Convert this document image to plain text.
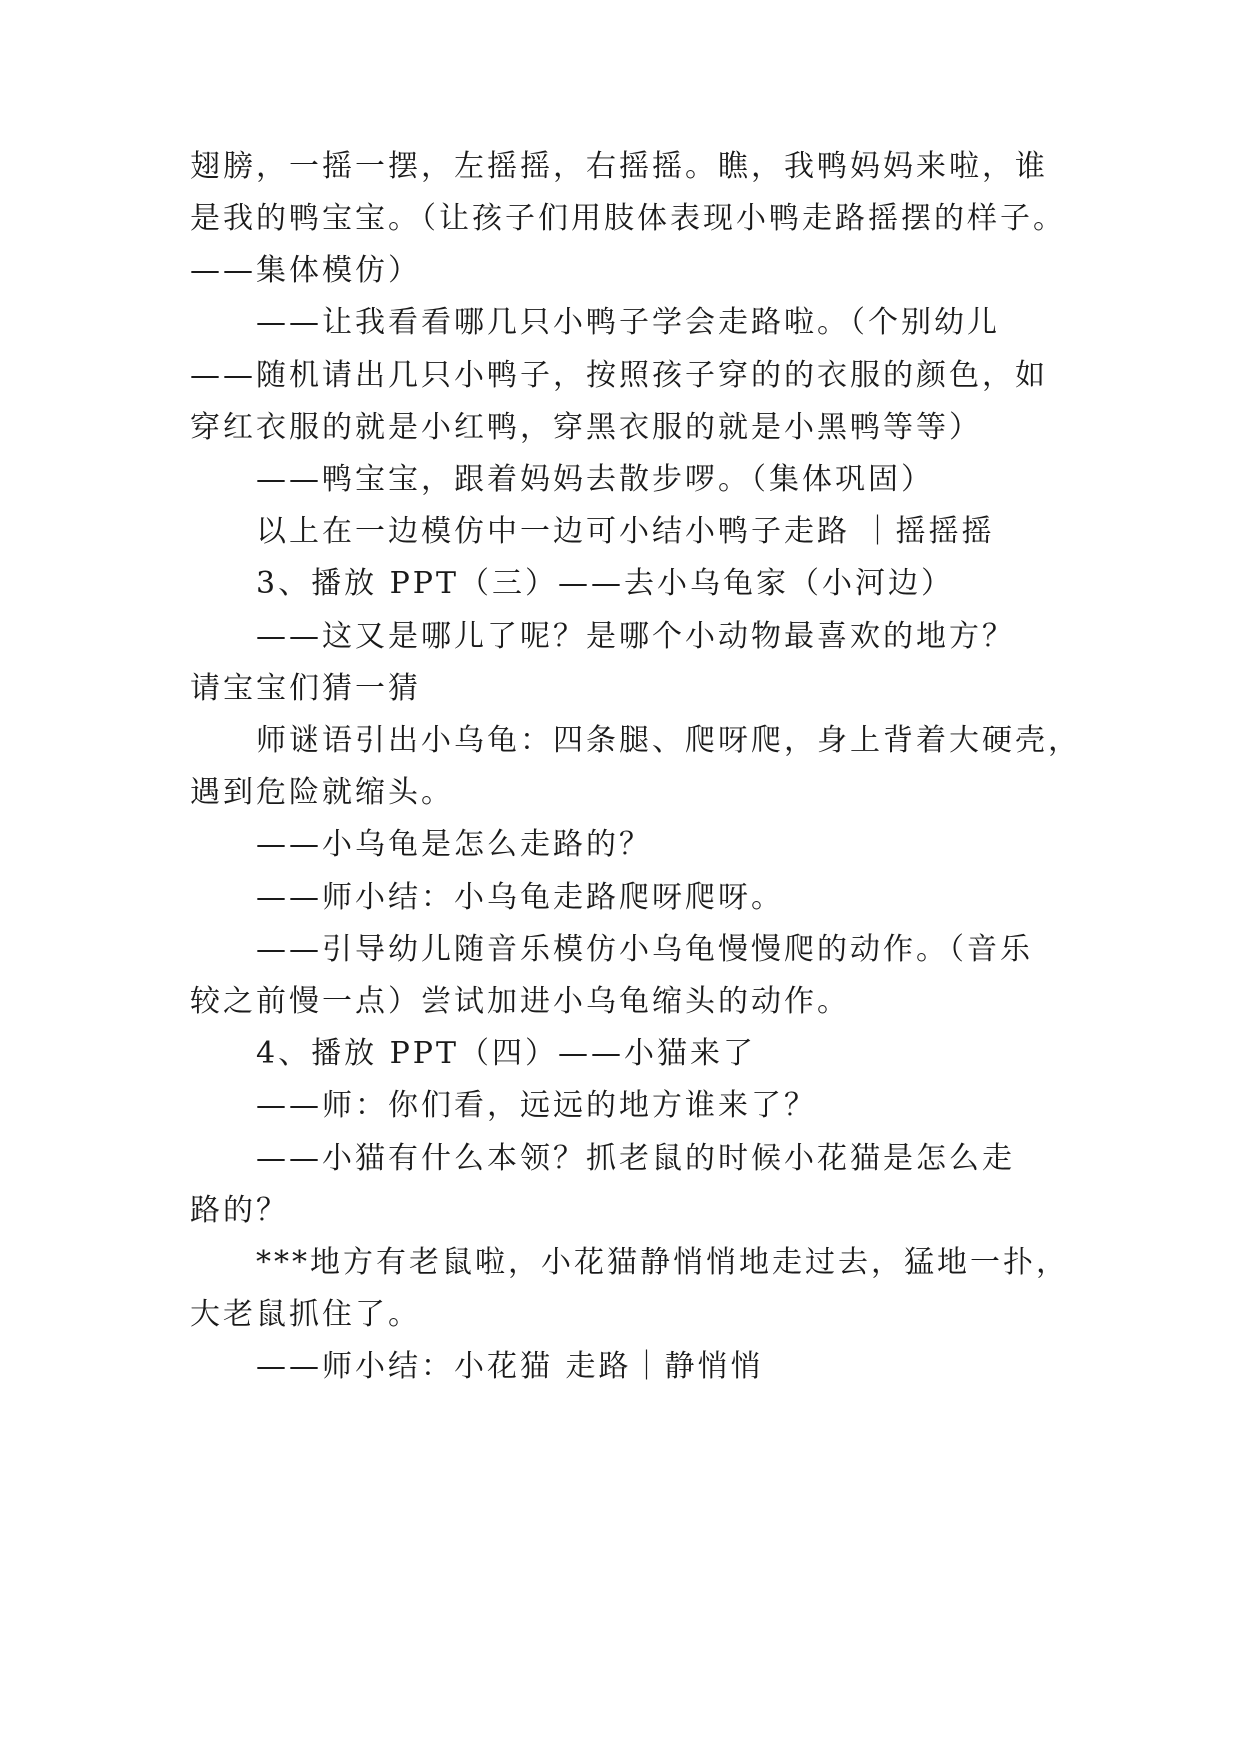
翅膀，一摇一摆，左摇摇，右摇摇。瞧，我鸭妈妈来啦，谁
是我的鸭宝宝。（让孩子们用肢体表现小鸭走路摇摆的样子。
——集体模仿）
——让我看看哪几只小鸭子学会走路啦。（个别幼儿
——随机请出几只小鸭子，按照孩子穿的的衣服的颜色，如
穿红衣服的就是小红鸭，穿黑衣服的就是小黑鸭等等）
——鸭宝宝，跟着妈妈去散步啰。（集体巩固）
以上在一边模仿中一边可小结小鸭子走路 ｜摇摇摇
3、播放 PPT（三）——去小乌龟家（小河边）
——这又是哪儿了呢？是哪个小动物最喜欢的地方？
请宝宝们猜一猜
师谜语引出小乌龟：四条腿、爬呀爬，身上背着大硬壳，
遇到危险就缩头。
——小乌龟是怎么走路的？
——师小结：小乌龟走路爬呀爬呀。
——引导幼儿随音乐模仿小乌龟慢慢爬的动作。（音乐
较之前慢一点）尝试加进小乌龟缩头的动作。
4、播放 PPT（四）——小猫来了
——师：你们看，远远的地方谁来了？
——小猫有什么本领？抓老鼠的时候小花猫是怎么走
路的？
***地方有老鼠啦，小花猫静悄悄地走过去，猛地一扑，
大老鼠抓住了。
——师小结：小花猫 走路｜静悄悄
